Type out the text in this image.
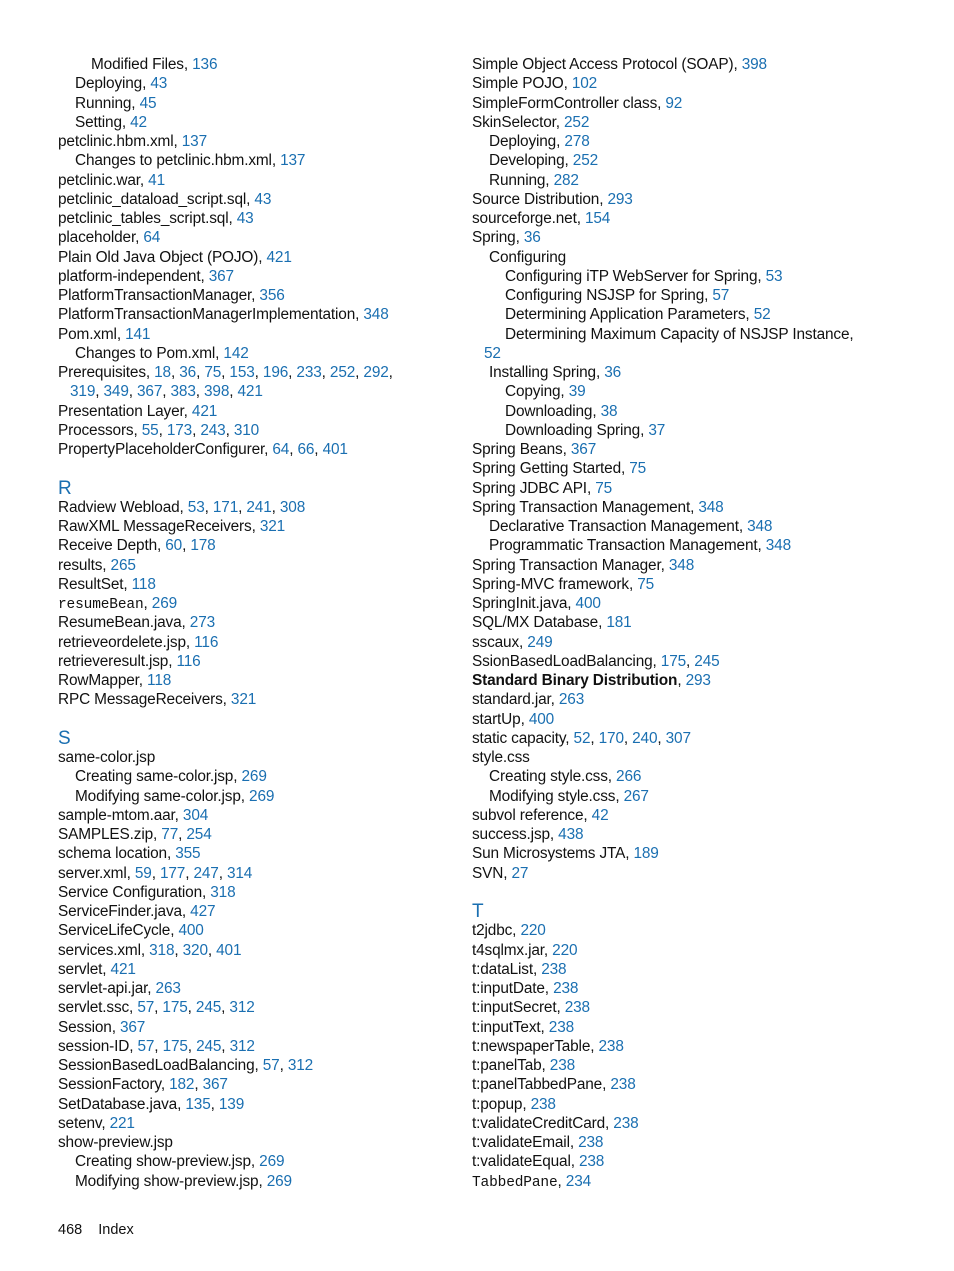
Modified Files, 136
Deploying, 43
Running, 45
Setting, 42
petclinic.hbm.xml, 137
Changes to petclinic.hbm.xml, 137
petclinic.war, 41
petclinic_dataload_script.sql, 43
petclinic_tables_script.sql, 43
placeholder, 64
Plain Old Java Object (POJO), 421
platform-independent, 367
PlatformTransactionManager, 356
PlatformTransactionManagerImplementation, 348
Pom.xml, 141
Changes to Pom.xml, 142
Prerequisites, 18, 36, 75, 153, 196, 233, 252, 292,
319, 349, 367, 383, 398, 421
Presentation Layer, 421
Processors, 55, 173, 243, 310
PropertyPlaceholderConfigurer, 64, 66, 401
R
Radview Webload, 53, 171, 241, 308
RawXML MessageReceivers, 321
Receive Depth, 60, 178
results, 265
ResultSet, 118
resumeBean, 269
ResumeBean.java, 273
retrieveordelete.jsp, 116
retrieveresult.jsp, 116
RowMapper, 118
RPC MessageReceivers, 321
S
same-color.jsp
Creating same-color.jsp, 269
Modifying same-color.jsp, 269
sample-mtom.aar, 304
SAMPLES.zip, 77, 254
schema location, 355
server.xml, 59, 177, 247, 314
Service Configuration, 318
ServiceFinder.java, 427
ServiceLifeCycle, 400
services.xml, 318, 320, 401
servlet, 421
servlet-api.jar, 263
servlet.ssc, 57, 175, 245, 312
Session, 367
session-ID, 57, 175, 245, 312
SessionBasedLoadBalancing, 57, 312
SessionFactory, 182, 367
SetDatabase.java, 135, 139
setenv, 221
show-preview.jsp
Creating show-preview.jsp, 269
Modifying show-preview.jsp, 269
Simple Object Access Protocol (SOAP), 398
Simple POJO, 102
SimpleFormController class, 92
SkinSelector, 252
Deploying, 278
Developing, 252
Running, 282
Source Distribution, 293
sourceforge.net, 154
Spring, 36
Configuring
Configuring iTP WebServer for Spring, 53
Configuring NSJSP for Spring, 57
Determining Application Parameters, 52
Determining Maximum Capacity of NSJSP Instance,
52
Installing Spring, 36
Copying, 39
Downloading, 38
Downloading Spring, 37
Spring Beans, 367
Spring Getting Started, 75
Spring JDBC API, 75
Spring Transaction Management, 348
Declarative Transaction Management, 348
Programmatic Transaction Management, 348
Spring Transaction Manager, 348
Spring-MVC framework, 75
SpringInit.java, 400
SQL/MX Database, 181
sscaux, 249
SsionBasedLoadBalancing, 175, 245
Standard Binary Distribution, 293
standard.jar, 263
startUp, 400
static capacity, 52, 170, 240, 307
style.css
Creating style.css, 266
Modifying style.css, 267
subvol reference, 42
success.jsp, 438
Sun Microsystems JTA, 189
SVN, 27
T
t2jdbc, 220
t4sqlmx.jar, 220
t:dataList, 238
t:inputDate, 238
t:inputSecret, 238
t:inputText, 238
t:newspaperTable, 238
t:panelTab, 238
t:panelTabbedPane, 238
t:popup, 238
t:validateCreditCard, 238
t:validateEmail, 238
t:validateEqual, 238
TabbedPane, 234
468 Index
